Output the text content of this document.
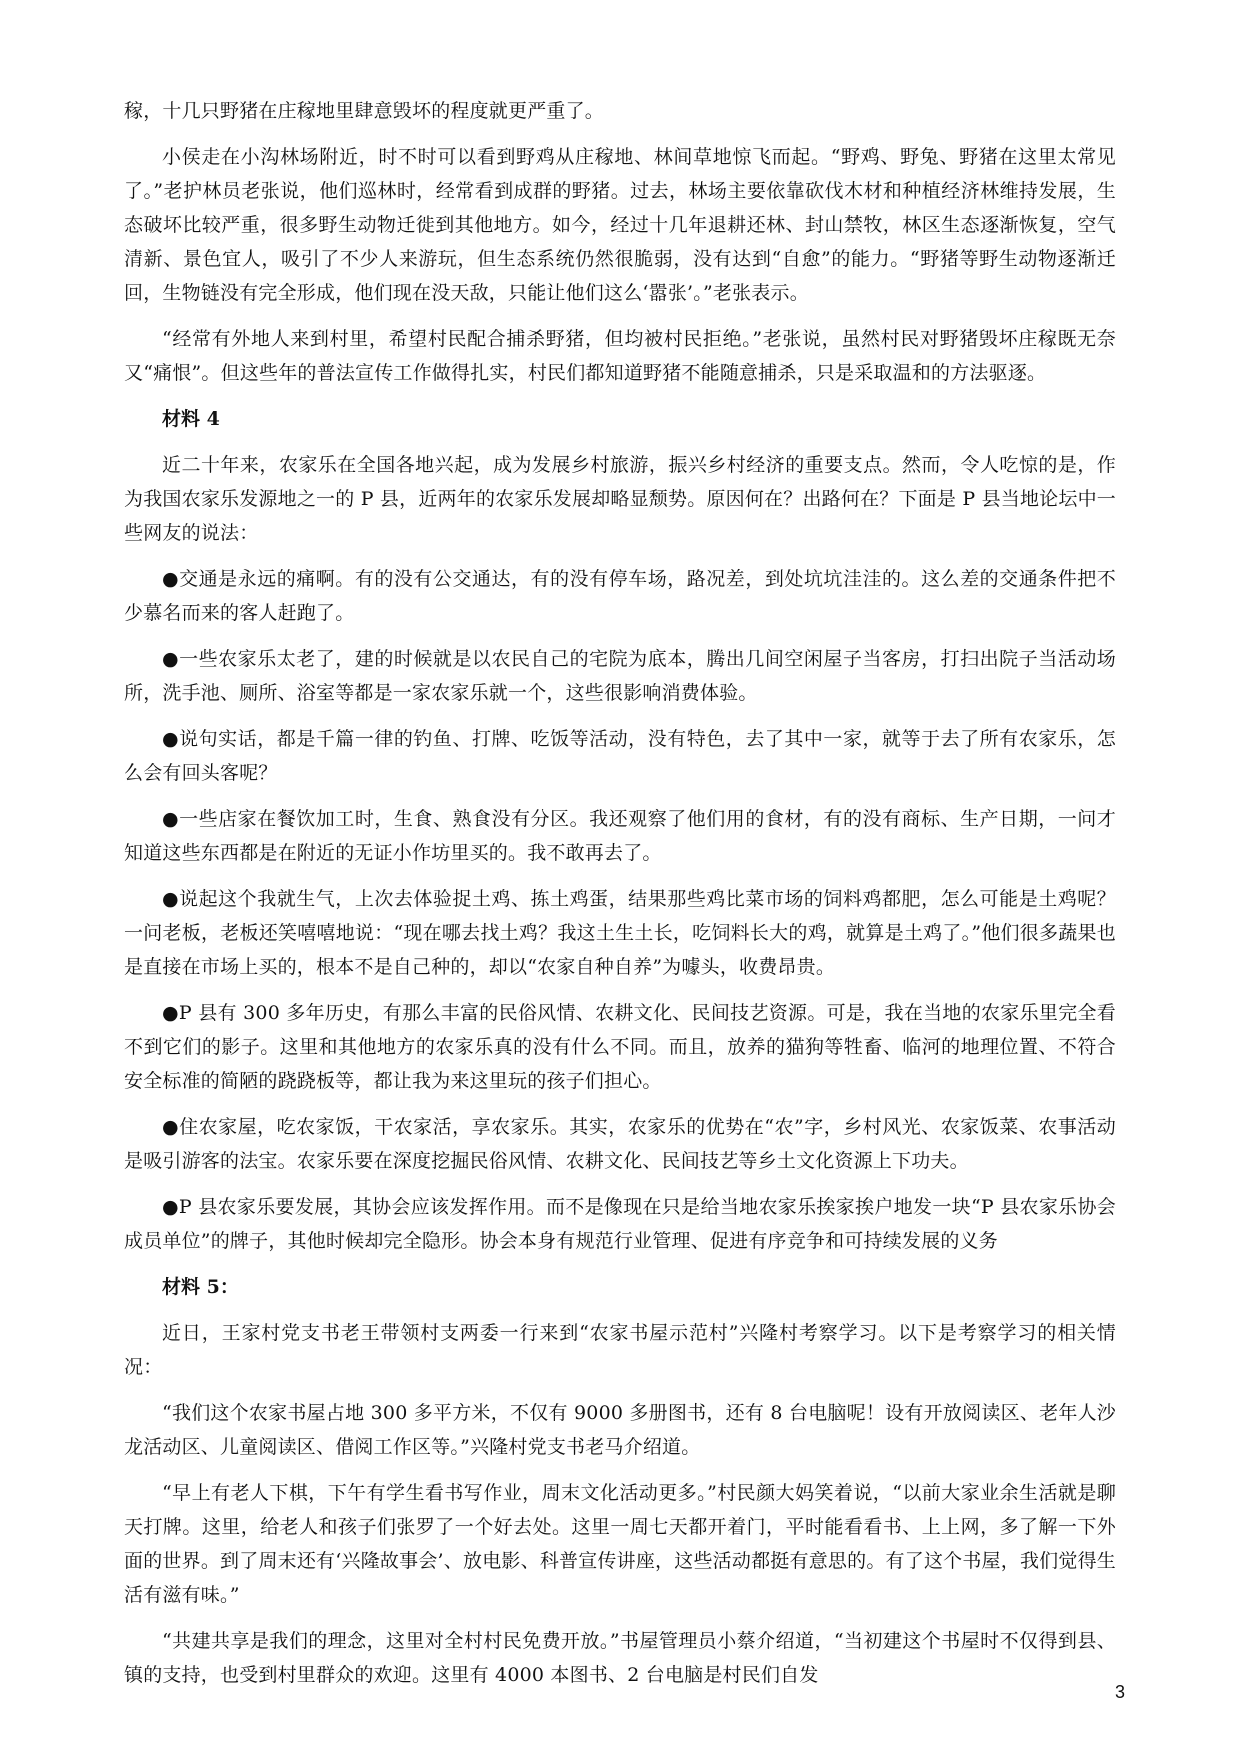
稼，十几只野猪在庄稼地里肆意毁坏的程度就更严重了。

小侯走在小沟林场附近，时不时可以看到野鸡从庄稼地、林间草地惊飞而起。“野鸡、野兔、野猪在这里太常见了。”老护林员老张说，他们巡林时，经常看到成群的野猪。过去，林场主要依靠砍伐木材和种植经济林维持发展，生态破坏比较严重，很多野生动物迁徙到其他地方。如今，经过十几年退耕还林、封山禁牧，林区生态逐渐恢复，空气清新、景色宜人，吸引了不少人来游玩，但生态系统仍然很脆弱，没有达到“自愈”的能力。“野猪等野生动物逐渐迁回，生物链没有完全形成，他们现在没天敌，只能让他们这么‘嚣张’。”老张表示。

“经常有外地人来到村里，希望村民配合捕杀野猪，但均被村民拒绝。”老张说，虽然村民对野猪毁坏庄稼既无奈又“痛恨”。但这些年的普法宣传工作做得扎实，村民们都知道野猪不能随意捕杀，只是采取温和的方法驱逐。

材料 4

近二十年来，农家乐在全国各地兴起，成为发展乡村旅游，振兴乡村经济的重要支点。然而，令人吃惊的是，作为我国农家乐发源地之一的 P 县，近两年的农家乐发展却略显颓势。原因何在？出路何在？下面是 P 县当地论坛中一些网友的说法：

●交通是永远的痛啊。有的没有公交通达，有的没有停车场，路况差，到处坑坑洼洼的。这么差的交通条件把不少慕名而来的客人赶跑了。

●一些农家乐太老了，建的时候就是以农民自己的宅院为底本，腾出几间空闲屋子当客房，打扫出院子当活动场所，洗手池、厕所、浴室等都是一家农家乐就一个，这些很影响消费体验。

●说句实话，都是千篇一律的钓鱼、打牌、吃饭等活动，没有特色，去了其中一家，就等于去了所有农家乐，怎么会有回头客呢？

●一些店家在餐饮加工时，生食、熟食没有分区。我还观察了他们用的食材，有的没有商标、生产日期，一问才知道这些东西都是在附近的无证小作坊里买的。我不敢再去了。

●说起这个我就生气，上次去体验捉土鸡、拣土鸡蛋，结果那些鸡比菜市场的饲料鸡都肥，怎么可能是土鸡呢？一问老板，老板还笑嘻嘻地说：“现在哪去找土鸡？我这土生土长，吃饲料长大的鸡，就算是土鸡了。”他们很多蔬果也是直接在市场上买的，根本不是自己种的，却以“农家自种自养”为噱头，收费昂贵。

●P 县有 300 多年历史，有那么丰富的民俗风情、农耕文化、民间技艺资源。可是，我在当地的农家乐里完全看不到它们的影子。这里和其他地方的农家乐真的没有什么不同。而且，放养的猫狗等牲畜、临河的地理位置、不符合安全标准的简陋的跷跷板等，都让我为来这里玩的孩子们担心。

●住农家屋，吃农家饭，干农家活，享农家乐。其实，农家乐的优势在“农”字，乡村风光、农家饭菜、农事活动是吸引游客的法宝。农家乐要在深度挖掘民俗风情、农耕文化、民间技艺等乡土文化资源上下功夫。

●P 县农家乐要发展，其协会应该发挥作用。而不是像现在只是给当地农家乐挨家挨户地发一块“P 县农家乐协会成员单位”的牌子，其他时候却完全隐形。协会本身有规范行业管理、促进有序竞争和可持续发展的义务

材料 5：

近日，王家村党支书老王带领村支两委一行来到“农家书屋示范村”兴隆村考察学习。以下是考察学习的相关情况：

“我们这个农家书屋占地 300 多平方米，不仅有 9000 多册图书，还有 8 台电脑呢！设有开放阅读区、老年人沙龙活动区、儿童阅读区、借阅工作区等。”兴隆村党支书老马介绍道。

“早上有老人下棋，下午有学生看书写作业，周末文化活动更多。”村民颜大妈笑着说，“以前大家业余生活就是聊天打牌。这里，给老人和孩子们张罗了一个好去处。这里一周七天都开着门，平时能看看书、上上网，多了解一下外面的世界。到了周末还有‘兴隆故事会’、放电影、科普宣传讲座，这些活动都挺有意思的。有了这个书屋，我们觉得生活有滋有味。”

“共建共享是我们的理念，这里对全村村民免费开放。”书屋管理员小蔡介绍道，“当初建这个书屋时不仅得到县、镇的支持，也受到村里群众的欢迎。这里有 4000 本图书、2 台电脑是村民们自发

3
